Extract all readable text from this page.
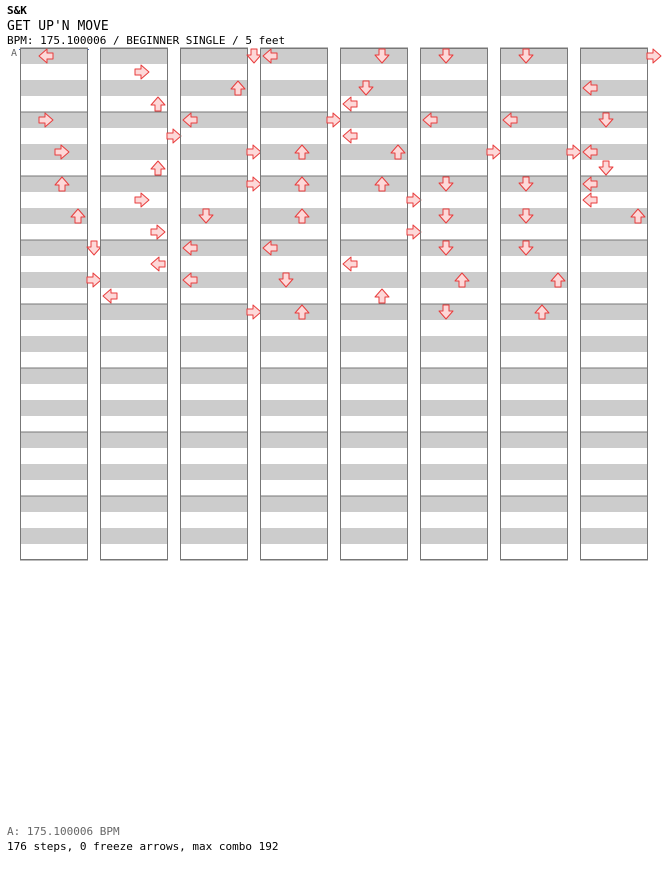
S&K
GET UP'N MOVE
BPM: 175.100006 / BEGINNER SINGLE / 5 feet
A
A: 175.100006 BPM
176 steps, 0 freeze arrows, max combo 192
